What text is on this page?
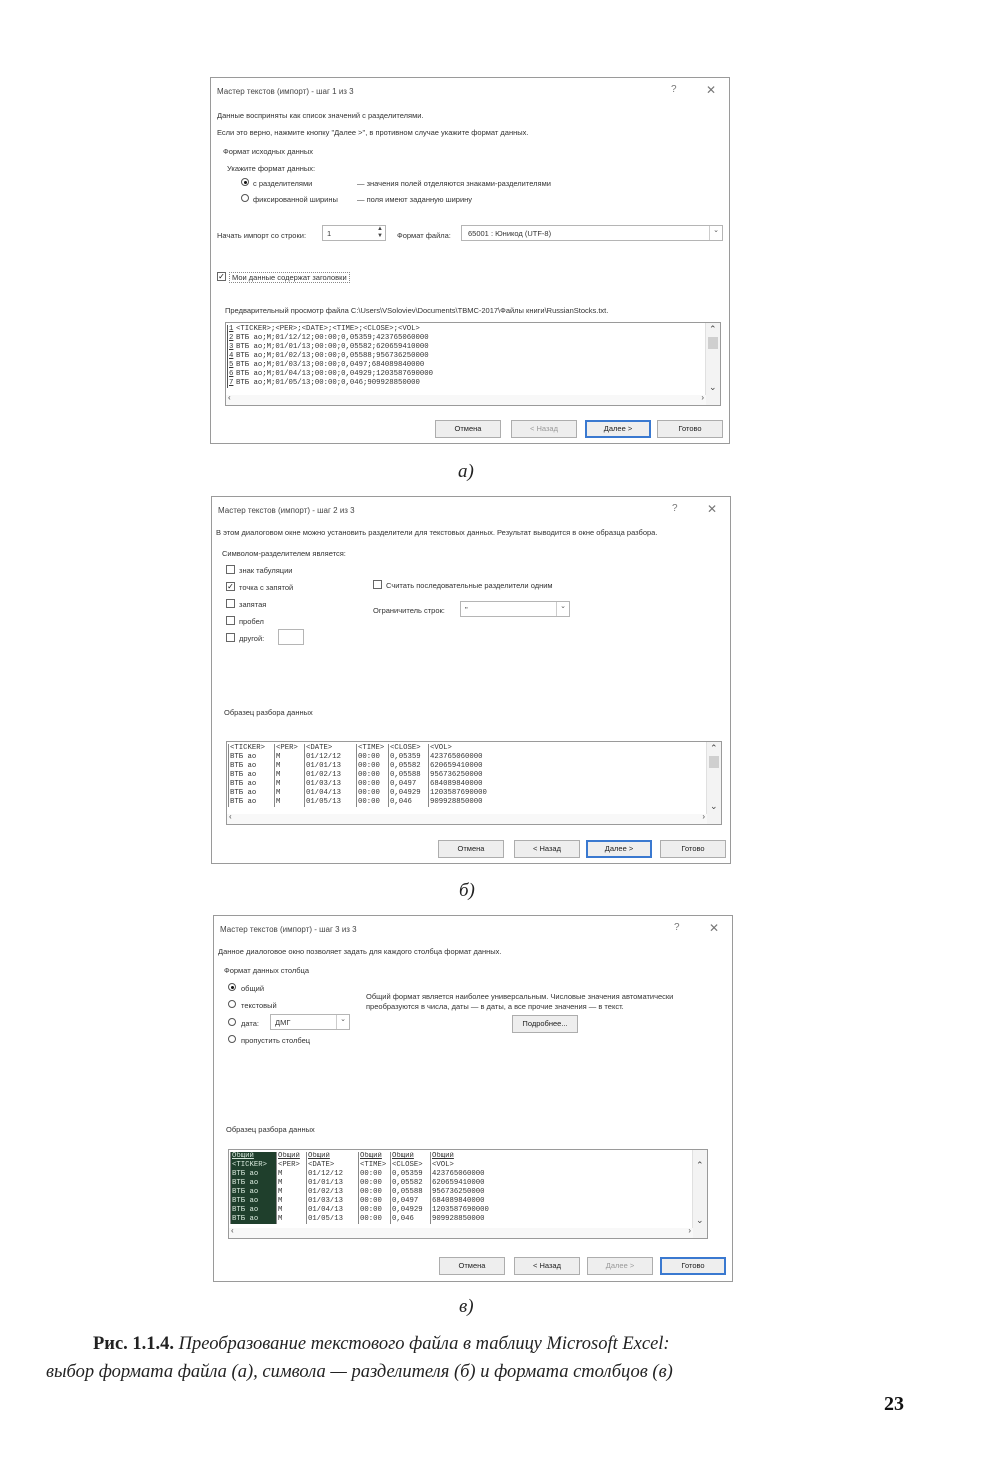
Мастер текстов (импорт) - шаг 1 из 3	? ✕
Данные восприняты как список значений с разделителями.
Если это верно, нажмите кнопку "Далее >", в противном случае укажите формат данных.
Формат исходных данных
Укажите формат данных:
с разделителями	— значения полей отделяются знаками-разделителями
фиксированной ширины	— поля имеют заданную ширину
Начать импорт со строки:	1	▲
▼ Формат файла: 65001 : Юникод (UTF-8)	⌄
✓ Мои данные содержат заголовки
Предварительный просмотр файла C:\Users\VSoloviev\Documents\TBMC-2017\Файлы книги\RussianStocks.txt.
1 <TICKER>;<PER>;<DATE>;<TIME>;<CLOSE>;<VOL>
2 ВТБ ао;M;01/12/12;00:00;0,05359;423765060000
3 ВТБ ао;M;01/01/13;00:00;0,05582;620659410000
4 ВТБ ао;M;01/02/13;00:00;0,05588;956736250000
5 ВТБ ао;M;01/03/13;00:00;0,0497;684089840000
6 ВТБ ао;M;01/04/13;00:00;0,04929;1203587690000
7 ВТБ ао;M;01/05/13;00:00;0,046;909928850000
⌃
⌄
‹	›
Отмена	< Назад	Далее >	Готово
а)
Мастер текстов (импорт) - шаг 2 из 3	? ✕
В этом диалоговом окне можно установить разделители для текстовых данных. Результат выводится в окне образца разбора.
Символом-разделителем является:
знак табуляции
✓ точка с запятой
запятая
пробел
другой:
Считать последовательные разделители одним
Ограничитель строк:	"	⌄
Образец разбора данных
<TICKER> <PER> <DATE>	<TIME> <CLOSE> <VOL>
ВТБ ао	M	01/12/12 00:00 0,05359 423765060000
ВТБ ао	M	01/01/13 00:00 0,05582 620659410000
ВТБ ао	M	01/02/13 00:00 0,05588 956736250000
ВТБ ао	M	01/03/13 00:00 0,0497 684089840000
ВТБ ао	M	01/04/13 00:00 0,04929 1203587690000
ВТБ ао	M	01/05/13 00:00 0,046 909928850000
⌃
⌄
‹	›
Отмена	< Назад	Далее >	Готово
б)
Мастер текстов (импорт) - шаг 3 из 3	? ✕
Данное диалоговое окно позволяет задать для каждого столбца формат данных.
Формат данных столбца
общий
текстовый
дата: ДМГ	⌄
пропустить столбец
Общий формат является наиболее универсальным. Числовые значения автоматически
преобразуются в числа, даты — в даты, а все прочие значения — в текст.
Подробнее...
Образец разбора данных
Общий	Общий Общий	Общий Общий Общий
<TICKER> <PER> <DATE>	<TIME> <CLOSE> <VOL>
ВТБ ао	M	01/12/12 00:00 0,05359 423765060000
ВТБ ао	M	01/01/13 00:00 0,05582 620659410000
ВТБ ао	M	01/02/13 00:00 0,05588 956736250000
ВТБ ао	M	01/03/13 00:00 0,0497 684089840000
ВТБ ао	M	01/04/13 00:00 0,04929 1203587690000
ВТБ ао	M	01/05/13 00:00 0,046 909928850000
⌃
⌄
‹	›
Отмена	< Назад	Далее >	Готово
в)
Рис. 1.1.4. Преобразование текстового файла в таблицу Microsoft Excel:
выбор формата файла (а), символа — разделителя (б) и формата столбцов (в)
23
